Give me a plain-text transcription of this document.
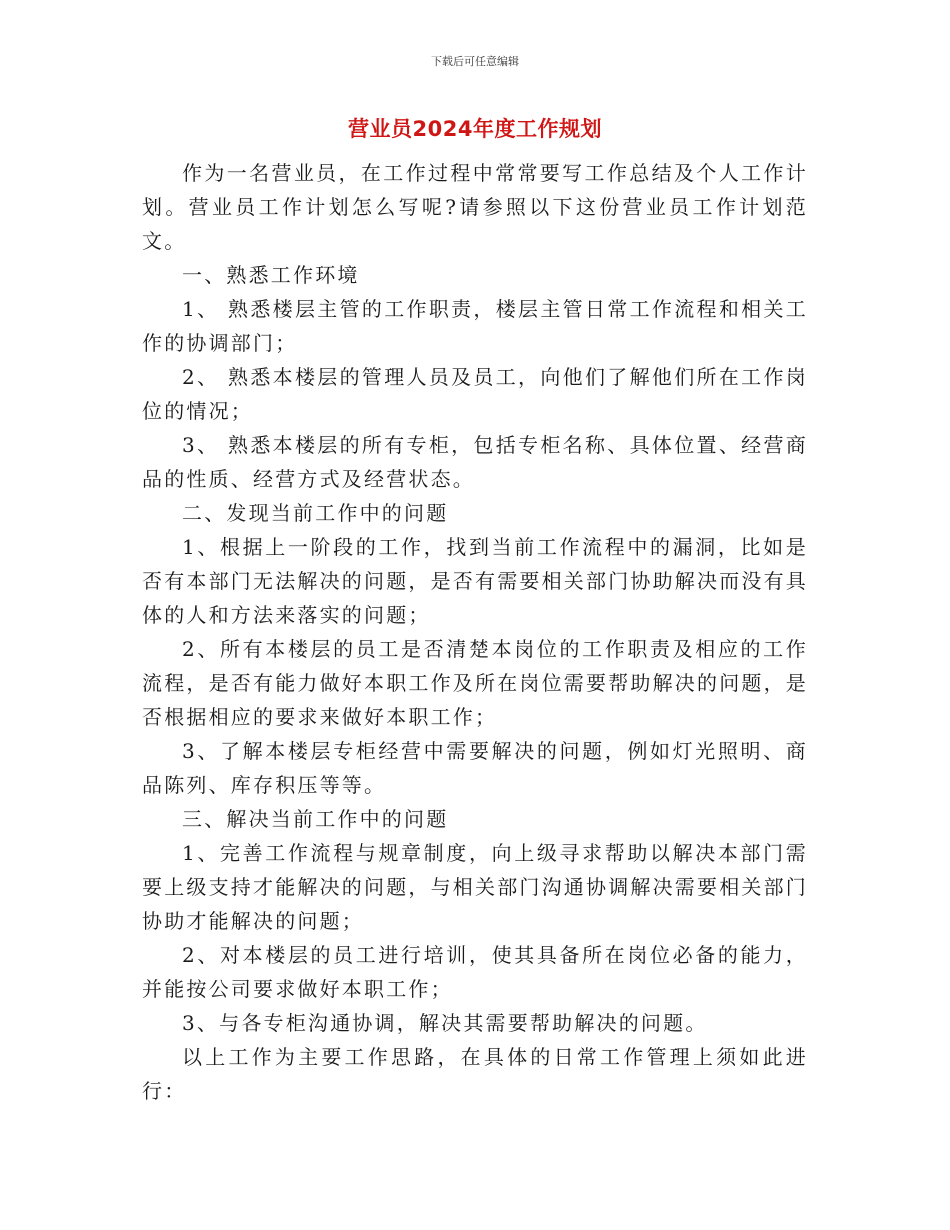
下载后可任意编辑
营业员2024年度工作规划

作为一名营业员，在工作过程中常常要写工作总结及个人工作计划。营业员工作计划怎么写呢?请参照以下这份营业员工作计划范文。

一、熟悉工作环境

1、 熟悉楼层主管的工作职责，楼层主管日常工作流程和相关工作的协调部门；

2、 熟悉本楼层的管理人员及员工，向他们了解他们所在工作岗位的情况；

3、 熟悉本楼层的所有专柜，包括专柜名称、具体位置、经营商品的性质、经营方式及经营状态。

二、发现当前工作中的问题

1、根据上一阶段的工作，找到当前工作流程中的漏洞，比如是否有本部门无法解决的问题，是否有需要相关部门协助解决而没有具体的人和方法来落实的问题；

2、所有本楼层的员工是否清楚本岗位的工作职责及相应的工作流程，是否有能力做好本职工作及所在岗位需要帮助解决的问题，是否根据相应的要求来做好本职工作；

3、了解本楼层专柜经营中需要解决的问题，例如灯光照明、商品陈列、库存积压等等。

三、解决当前工作中的问题

1、完善工作流程与规章制度，向上级寻求帮助以解决本部门需要上级支持才能解决的问题，与相关部门沟通协调解决需要相关部门协助才能解决的问题；

2、对本楼层的员工进行培训，使其具备所在岗位必备的能力，并能按公司要求做好本职工作；

3、与各专柜沟通协调，解决其需要帮助解决的问题。

以上工作为主要工作思路，在具体的日常工作管理上须如此进行：
